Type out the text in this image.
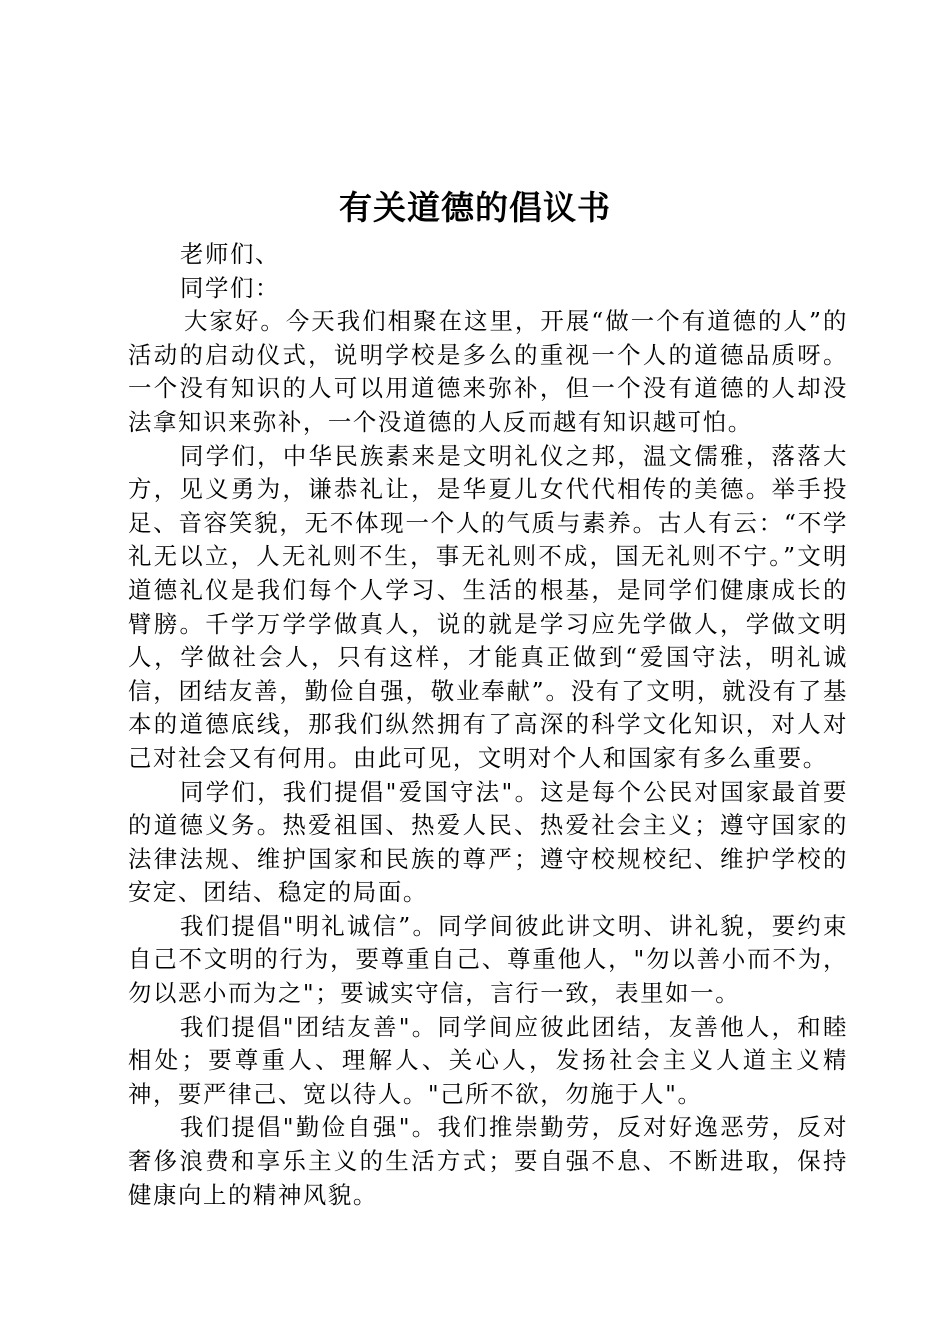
有关道德的倡议书

老师们、

同学们：

大家好。今天我们相聚在这里，开展“做一个有道德的人”的活动的启动仪式，说明学校是多么的重视一个人的道德品质呀。一个没有知识的人可以用道德来弥补，但一个没有道德的人却没法拿知识来弥补，一个没道德的人反而越有知识越可怕。

同学们，中华民族素来是文明礼仪之邦，温文儒雅，落落大方，见义勇为，谦恭礼让，是华夏儿女代代相传的美德。举手投足、音容笑貌，无不体现一个人的气质与素养。古人有云：“不学礼无以立，人无礼则不生，事无礼则不成，国无礼则不宁。”文明道德礼仪是我们每个人学习、生活的根基，是同学们健康成长的臂膀。千学万学学做真人，说的就是学习应先学做人，学做文明人，学做社会人，只有这样，才能真正做到“爱国守法，明礼诚信，团结友善，勤俭自强，敬业奉献”。没有了文明，就没有了基本的道德底线，那我们纵然拥有了高深的科学文化知识，对人对己对社会又有何用。由此可见，文明对个人和国家有多么重要。

同学们，我们提倡"爱国守法"。这是每个公民对国家最首要的道德义务。热爱祖国、热爱人民、热爱社会主义；遵守国家的法律法规、维护国家和民族的尊严；遵守校规校纪、维护学校的安定、团结、稳定的局面。

我们提倡"明礼诚信”。同学间彼此讲文明、讲礼貌，要约束自己不文明的行为，要尊重自己、尊重他人，"勿以善小而不为，勿以恶小而为之"；要诚实守信，言行一致，表里如一。

我们提倡"团结友善"。同学间应彼此团结，友善他人，和睦相处；要尊重人、理解人、关心人，发扬社会主义人道主义精神，要严律己、宽以待人。"己所不欲，勿施于人"。

我们提倡"勤俭自强"。我们推崇勤劳，反对好逸恶劳，反对奢侈浪费和享乐主义的生活方式；要自强不息、不断进取，保持健康向上的精神风貌。
